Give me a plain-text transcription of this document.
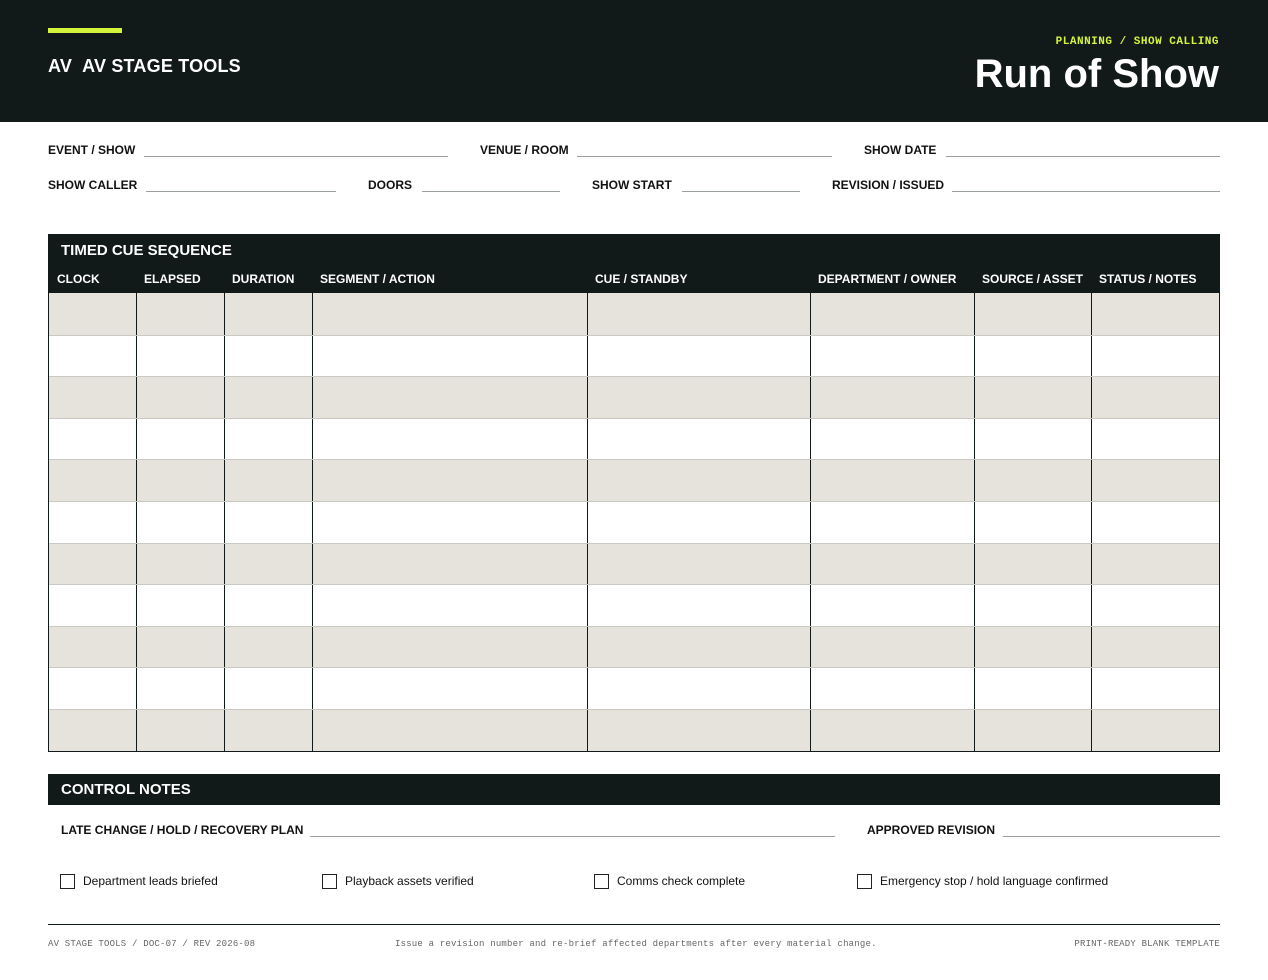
AV AV STAGE TOOLS
PLANNING / SHOW CALLING
Run of Show
EVENT / SHOW	VENUE / ROOM	SHOW DATE
SHOW CALLER	DOORS	SHOW START	REVISION / ISSUED
TIMED CUE SEQUENCE
CLOCK	ELAPSED	DURATION	SEGMENT / ACTION	CUE / STANDBY	DEPARTMENT / OWNER	SOURCE / ASSET	STATUS / NOTES
CONTROL NOTES
LATE CHANGE / HOLD / RECOVERY PLAN	APPROVED REVISION
Department leads briefed	Playback assets verified	Comms check complete	Emergency stop / hold language confirmed
AV STAGE TOOLS / DOC-07 / REV 2026-08	Issue a revision number and re-brief affected departments after every material change.	PRINT-READY BLANK TEMPLATE
